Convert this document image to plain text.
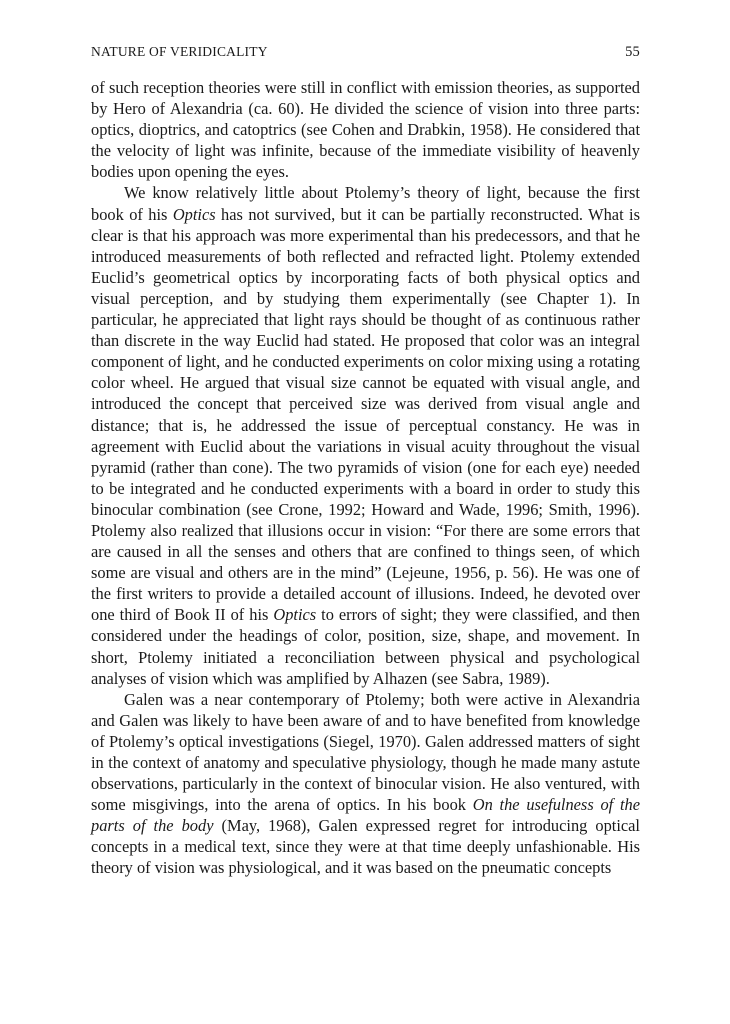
NATURE OF VERIDICALITY	55

of such reception theories were still in conflict with emission theories, as supported by Hero of Alexandria (ca. 60). He divided the science of vision into three parts: optics, dioptrics, and catoptrics (see Cohen and Drabkin, 1958). He considered that the velocity of light was infinite, because of the immediate visibility of heavenly bodies upon opening the eyes.

We know relatively little about Ptolemy’s theory of light, because the first book of his Optics has not survived, but it can be partially reconstructed. What is clear is that his approach was more experimental than his predecessors, and that he introduced measurements of both reflected and refracted light. Ptolemy extended Euclid’s geometrical optics by incorporating facts of both physical optics and visual perception, and by studying them experimentally (see Chapter 1). In particular, he appreciated that light rays should be thought of as continuous rather than discrete in the way Euclid had stated. He proposed that color was an integral component of light, and he conducted experiments on color mixing using a rotating color wheel. He argued that visual size cannot be equated with visual angle, and introduced the concept that perceived size was derived from visual angle and distance; that is, he addressed the issue of perceptual constancy. He was in agreement with Euclid about the variations in visual acuity throughout the visual pyramid (rather than cone). The two pyramids of vision (one for each eye) needed to be integrated and he conducted experiments with a board in order to study this binocular combination (see Crone, 1992; Howard and Wade, 1996; Smith, 1996). Ptolemy also realized that illusions occur in vision: “For there are some errors that are caused in all the senses and others that are confined to things seen, of which some are visual and others are in the mind” (Lejeune, 1956, p. 56). He was one of the first writers to provide a detailed account of illusions. Indeed, he devoted over one third of Book II of his Optics to errors of sight; they were classified, and then considered under the headings of color, position, size, shape, and movement. In short, Ptolemy initiated a reconciliation between physical and psychological analyses of vision which was amplified by Alhazen (see Sabra, 1989).

Galen was a near contemporary of Ptolemy; both were active in Alexandria and Galen was likely to have been aware of and to have benefited from knowledge of Ptolemy’s optical investigations (Siegel, 1970). Galen addressed matters of sight in the context of anatomy and speculative physiology, though he made many astute observations, particularly in the context of binocular vision. He also ventured, with some misgivings, into the arena of optics. In his book On the usefulness of the parts of the body (May, 1968), Galen expressed regret for introducing optical concepts in a medical text, since they were at that time deeply unfashionable. His theory of vision was physiological, and it was based on the pneumatic concepts
